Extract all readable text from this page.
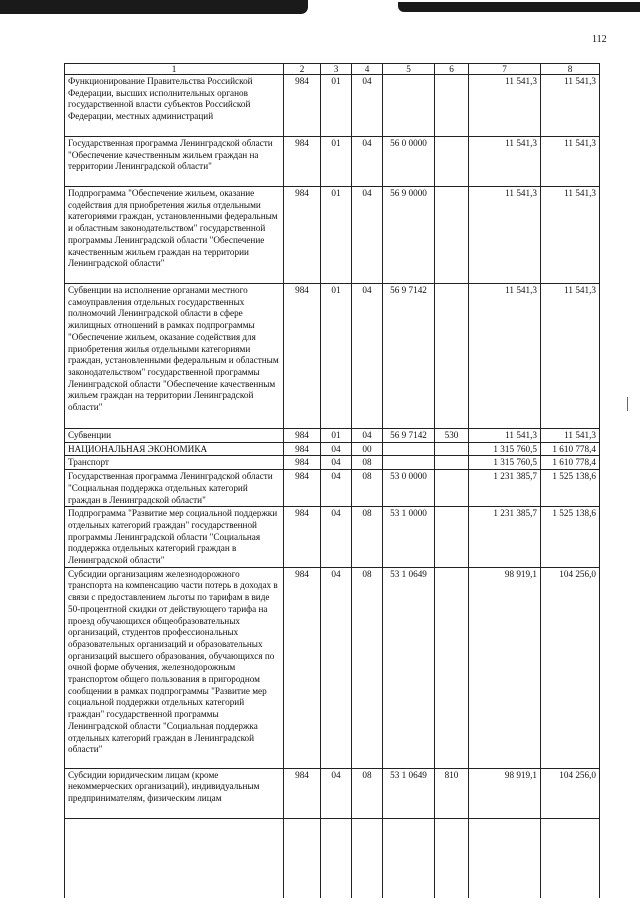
112
1	2	3	4	5	6	7	8
Функционирование Правительства Российской Федерации, высших исполнительных органов государственной власти субъектов Российской Федерации, местных администраций	984	01	04			11 541,3	11 541,3
Государственная программа Ленинградской области "Обеспечение качественным жильем граждан на территории Ленинградской области"	984	01	04	56 0 0000		11 541,3	11 541,3
Подпрограмма "Обеспечение жильем, оказание содействия для приобретения жилья отдельными категориями граждан, установленными федеральным и областным законодательством" государственной программы Ленинградской области "Обеспечение качественным жильем граждан на территории Ленинградской области"	984	01	04	56 9 0000		11 541,3	11 541,3
Субвенции на исполнение органами местного самоуправления отдельных государственных полномочий Ленинградской области в сфере жилищных отношений в рамках подпрограммы "Обеспечение жильем, оказание содействия для приобретения жилья отдельными категориями граждан, установленными федеральным и областным законодательством" государственной программы Ленинградской области "Обеспечение качественным жильем граждан на территории Ленинградской области"	984	01	04	56 9 7142		11 541,3	11 541,3
Субвенции	984	01	04	56 9 7142	530	11 541,3	11 541,3
НАЦИОНАЛЬНАЯ ЭКОНОМИКА	984	04	00			1 315 760,5	1 610 778,4
Транспорт	984	04	08			1 315 760,5	1 610 778,4
Государственная программа Ленинградской области "Социальная поддержка отдельных категорий граждан в Ленинградской области"	984	04	08	53 0 0000		1 231 385,7	1 525 138,6
Подпрограмма "Развитие мер социальной поддержки отдельных категорий граждан" государственной программы Ленинградской области "Социальная поддержка отдельных категорий граждан в Ленинградской области"	984	04	08	53 1 0000		1 231 385,7	1 525 138,6
Субсидии организациям железнодорожного транспорта на компенсацию части потерь в доходах в связи с предоставлением льготы по тарифам в виде 50-процентной скидки от действующего тарифа на проезд обучающихся общеобразовательных организаций, студентов профессиональных образовательных организаций и образовательных организаций высшего образования, обучающихся по очной форме обучения, железнодорожным транспортом общего пользования в пригородном сообщении в рамках подпрограммы "Развитие мер социальной поддержки отдельных категорий граждан" государственной программы Ленинградской области "Социальная поддержка отдельных категорий граждан в Ленинградской области"	984	04	08	53 1 0649		98 919,1	104 256,0
Субсидии юридическим лицам (кроме некоммерческих организаций), индивидуальным предпринимателям, физическим лицам	984	04	08	53 1 0649	810	98 919,1	104 256,0
